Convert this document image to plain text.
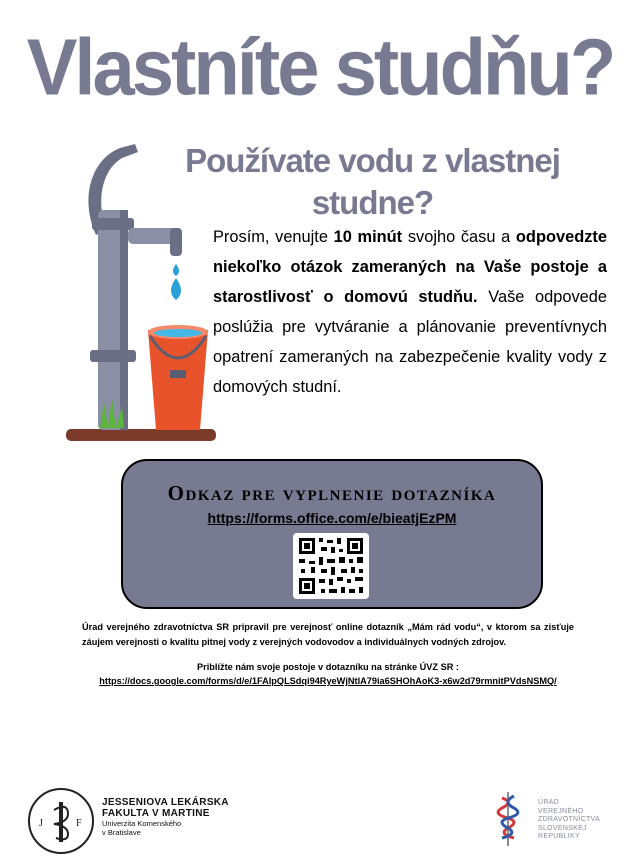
Vlastníte studňu?
Používate vodu z vlastnej studne?
Prosím, venujte 10 minút svojho času a odpovedzte niekoľko otázok zameraných na Vaše postoje a starostlivosť o domovú studňu. Vaše odpovede poslúžia pre vytváranie a plánovanie preventívnych opatrení zameraných na zabezpečenie kvality vody z domových studní.
Odkaz pre vyplnenie dotazníka
https://forms.office.com/e/bieatjEzPM
Úrad verejného zdravotníctva SR pripravil pre verejnosť online dotazník „Mám rád vodu“, v ktorom sa zisťuje záujem verejnosti o kvalitu pitnej vody z verejných vodovodov a individuálnych vodných zdrojov.
Priblížte nám svoje postoje v dotazníku na stránke ÚVZ SR :
https://docs.google.com/forms/d/e/1FAIpQLSdqi94RyeWjNtlA79ia6SHOhAoK3-x6w2d79rmnitPVdsNSMQ/
J	F
JESSENIOVA LEKÁRSKA
FAKULTA V MARTINE
Univerzita Komenského
v Bratislave
ÚRAD
VEREJNÉHO
ZDRAVOTNÍCTVA
SLOVENSKEJ
REPUBLIKY
